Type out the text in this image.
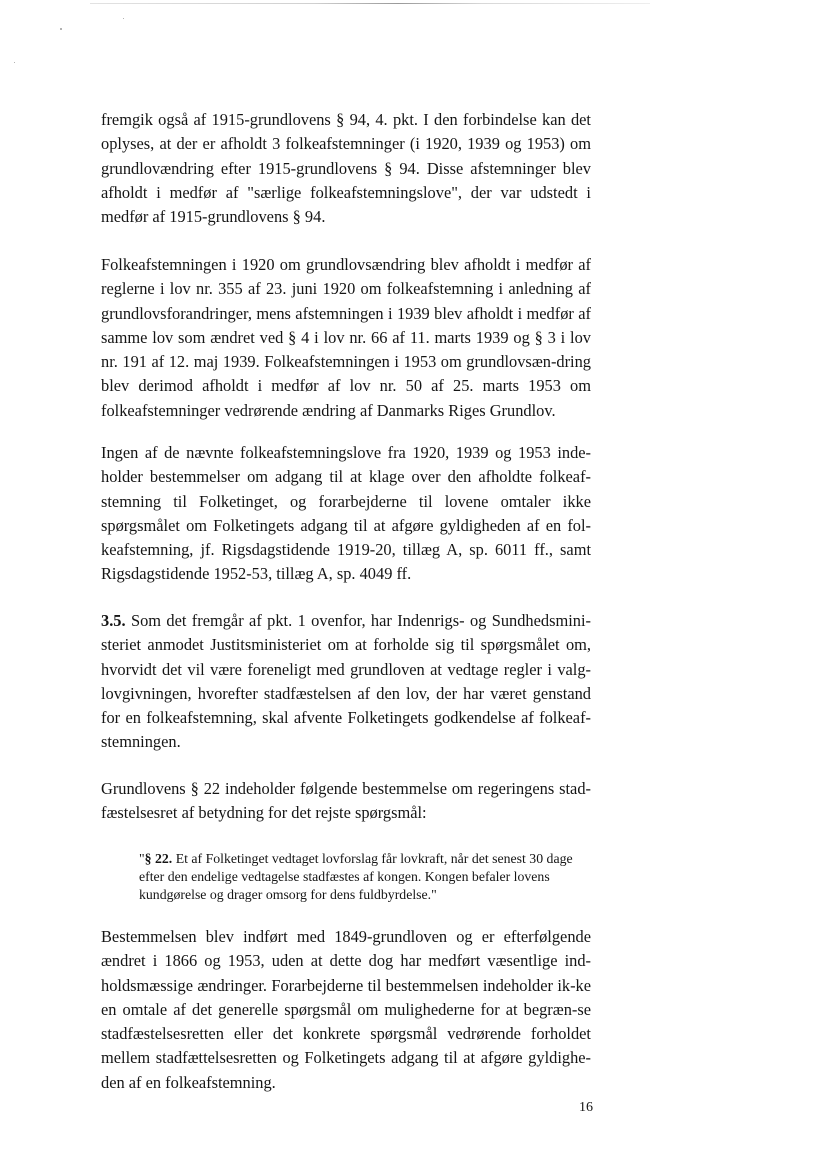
fremgik også af 1915-grundlovens § 94, 4. pkt. I den forbindelse kan det oplyses, at der er afholdt 3 folkeafstemninger (i 1920, 1939 og 1953) om grundlovændring efter 1915-grundlovens § 94. Disse afstemninger blev afholdt i medfør af "særlige folkeafstemningslove", der var udstedt i medfør af 1915-grundlovens § 94.

Folkeafstemningen i 1920 om grundlovsændring blev afholdt i medfør af reglerne i lov nr. 355 af 23. juni 1920 om folkeafstemning i anledning af grundlovsforandringer, mens afstemningen i 1939 blev afholdt i medfør af samme lov som ændret ved § 4 i lov nr. 66 af 11. marts 1939 og § 3 i lov nr. 191 af 12. maj 1939. Folkeafstemningen i 1953 om grundlovsæn-dring blev derimod afholdt i medfør af lov nr. 50 af 25. marts 1953 om folkeafstemninger vedrørende ændring af Danmarks Riges Grundlov.

Ingen af de nævnte folkeafstemningslove fra 1920, 1939 og 1953 inde-holder bestemmelser om adgang til at klage over den afholdte folkeaf-stemning til Folketinget, og forarbejderne til lovene omtaler ikke spørgsmålet om Folketingets adgang til at afgøre gyldigheden af en fol-keafstemning, jf. Rigsdagstidende 1919-20, tillæg A, sp. 6011 ff., samt Rigsdagstidende 1952-53, tillæg A, sp. 4049 ff.

3.5. Som det fremgår af pkt. 1 ovenfor, har Indenrigs- og Sundhedsmini-steriet anmodet Justitsministeriet om at forholde sig til spørgsmålet om, hvorvidt det vil være foreneligt med grundloven at vedtage regler i valg-lovgivningen, hvorefter stadfæstelsen af den lov, der har været genstand for en folkeafstemning, skal afvente Folketingets godkendelse af folkeaf-stemningen.

Grundlovens § 22 indeholder følgende bestemmelse om regeringens stad-fæstelsesret af betydning for det rejste spørgsmål:

"§ 22. Et af Folketinget vedtaget lovforslag får lovkraft, når det senest 30 dage efter den endelige vedtagelse stadfæstes af kongen. Kongen befaler lovens kundgørelse og drager omsorg for dens fuldbyrdelse."

Bestemmelsen blev indført med 1849-grundloven og er efterfølgende ændret i 1866 og 1953, uden at dette dog har medført væsentlige ind-holdsmæssige ændringer. Forarbejderne til bestemmelsen indeholder ik-ke en omtale af det generelle spørgsmål om mulighederne for at begræn-se stadfæstelsesretten eller det konkrete spørgsmål vedrørende forholdet mellem stadfættelsesretten og Folketingets adgang til at afgøre gyldighe-den af en folkeafstemning.

16
